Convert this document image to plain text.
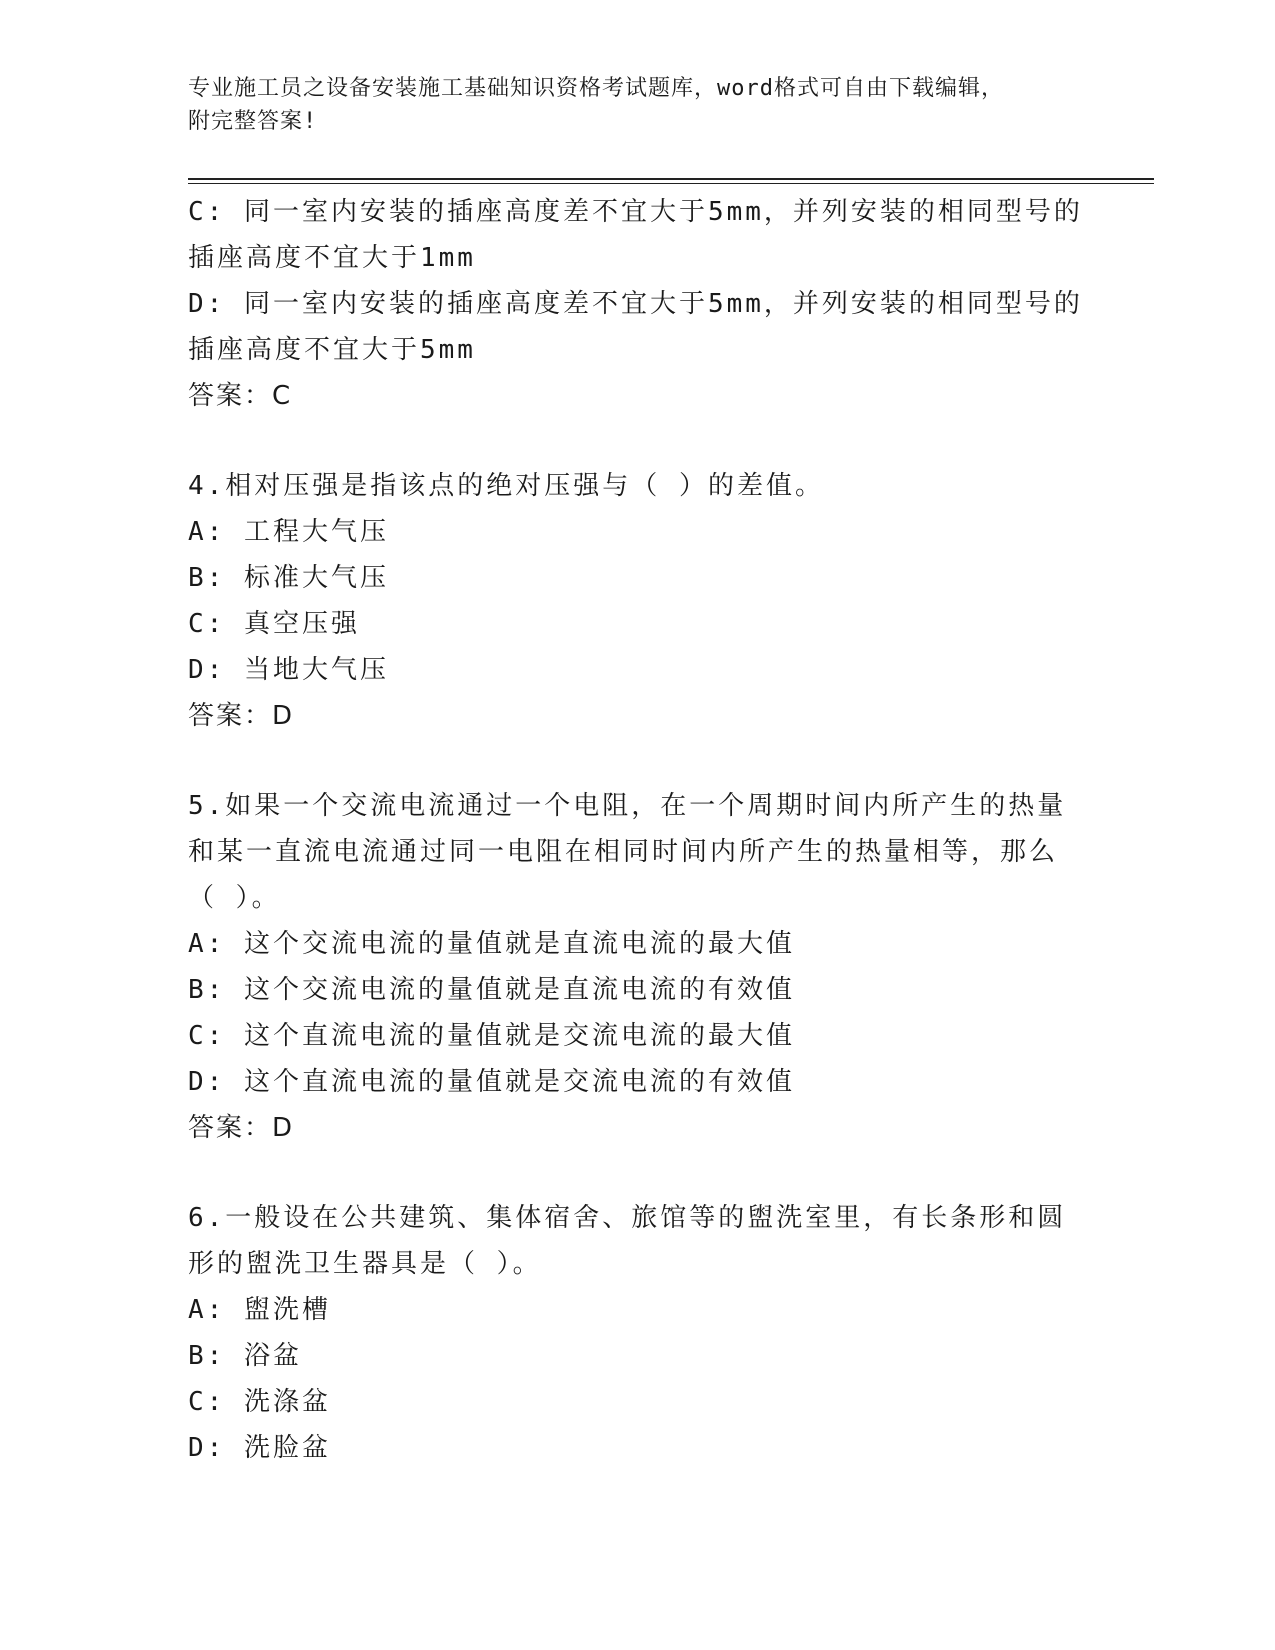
专业施工员之设备安装施工基础知识资格考试题库，word格式可自由下载编辑，
附完整答案!
C: 同一室内安装的插座高度差不宜大于5mm，并列安装的相同型号的
插座高度不宜大于1mm
D: 同一室内安装的插座高度差不宜大于5mm，并列安装的相同型号的
插座高度不宜大于5mm
答案：C
4.相对压强是指该点的绝对压强与（ ）的差值。
A: 工程大气压
B: 标准大气压
C: 真空压强
D: 当地大气压
答案：D
5.如果一个交流电流通过一个电阻，在一个周期时间内所产生的热量
和某一直流电流通过同一电阻在相同时间内所产生的热量相等，那么
（ ）。
A: 这个交流电流的量值就是直流电流的最大值
B: 这个交流电流的量值就是直流电流的有效值
C: 这个直流电流的量值就是交流电流的最大值
D: 这个直流电流的量值就是交流电流的有效值
答案：D
6.一般设在公共建筑、集体宿舍、旅馆等的盥洗室里，有长条形和圆
形的盥洗卫生器具是（ ）。
A: 盥洗槽
B: 浴盆
C: 洗涤盆
D: 洗脸盆
